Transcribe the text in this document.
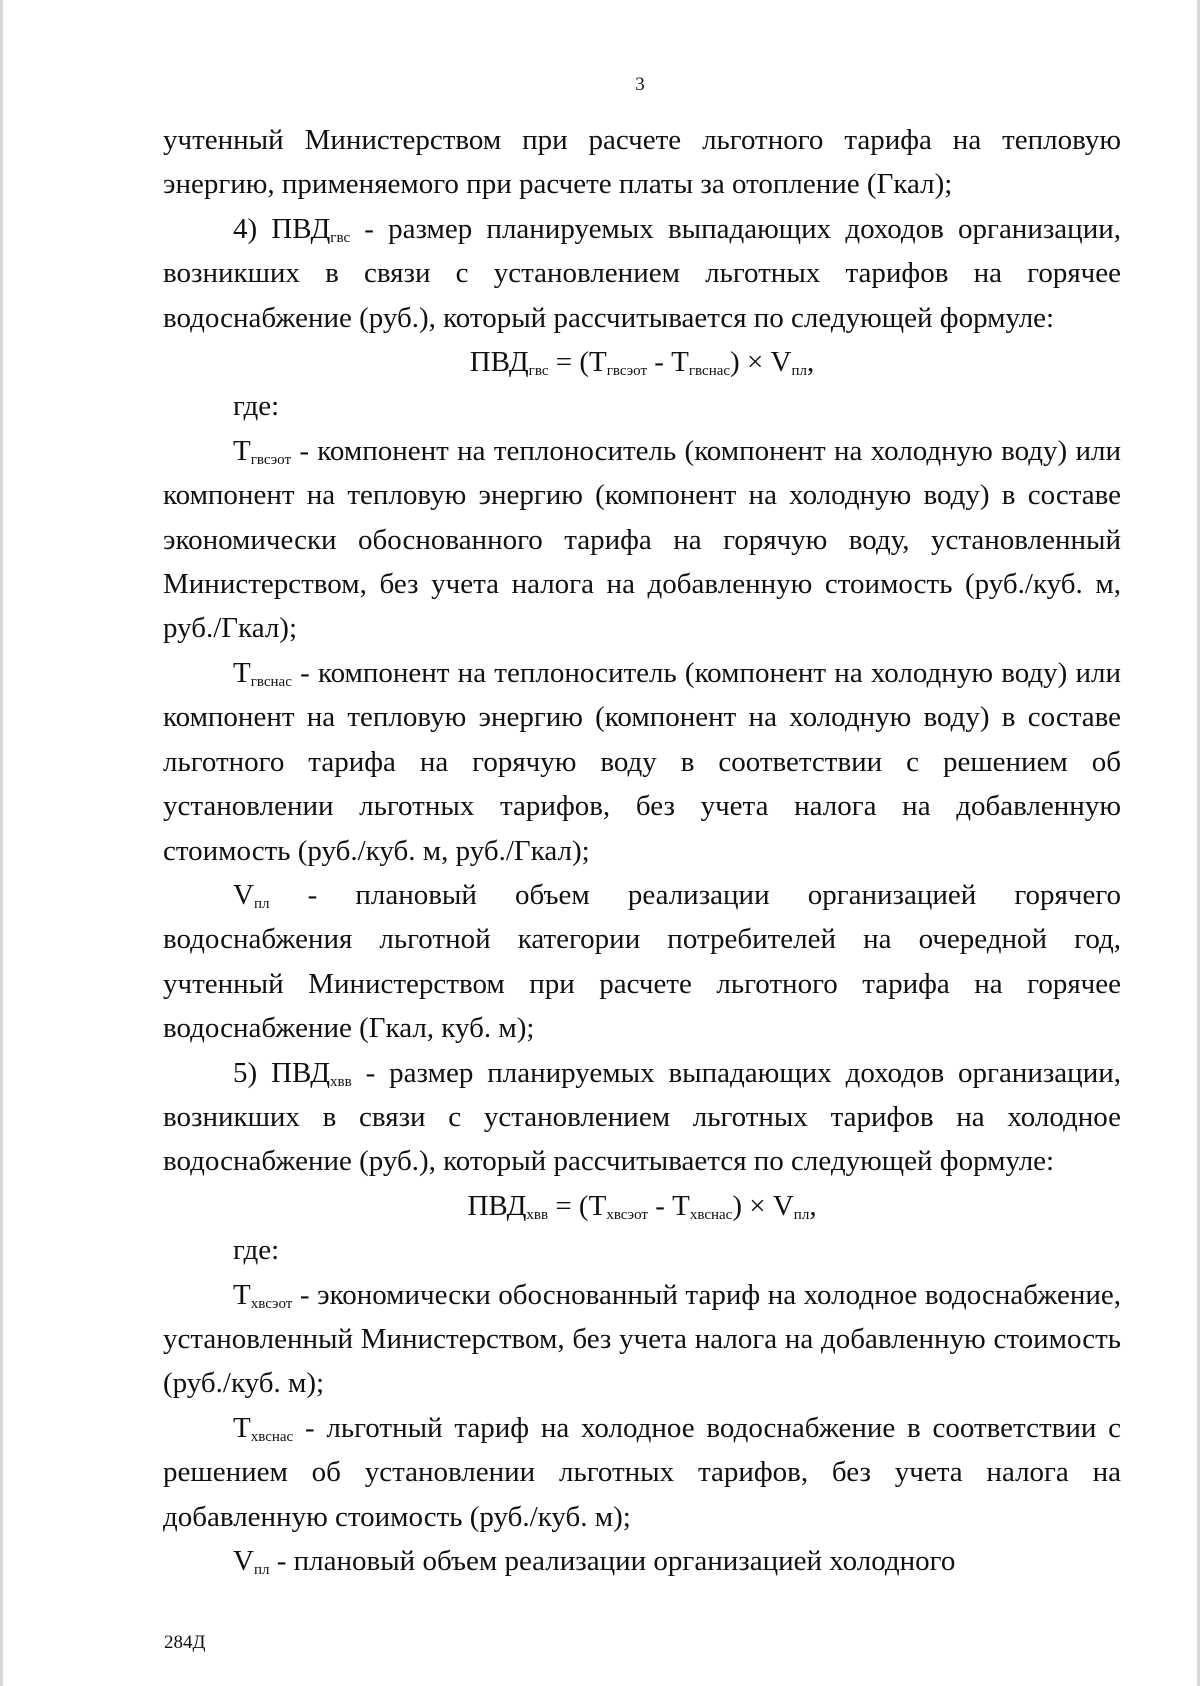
3

учтенный Министерством при расчете льготного тарифа на тепловую энергию, применяемого при расчете платы за отопление (Гкал);

4) $ПВД_{гвс}$ - размер планируемых выпадающих доходов организации, возникших в связи с установлением льготных тарифов на горячее водоснабжение (руб.), который рассчитывается по следующей формуле:

$ПВД_{гвс} = (Т_{гвсэот} - Т_{гвснас}) \times V_{пл}$,

где:

$Т_{гвсэот}$ - компонент на теплоноситель (компонент на холодную воду) или компонент на тепловую энергию (компонент на холодную воду) в составе экономически обоснованного тарифа на горячую воду, установленный Министерством, без учета налога на добавленную стоимость (руб./куб. м, руб./Гкал);

$Т_{гвснас}$ - компонент на теплоноситель (компонент на холодную воду) или компонент на тепловую энергию (компонент на холодную воду) в составе льготного тарифа на горячую воду в соответствии с решением об установлении льготных тарифов, без учета налога на добавленную стоимость (руб./куб. м, руб./Гкал);

$V_{пл}$ - плановый объем реализации организацией горячего водоснабжения льготной категории потребителей на очередной год, учтенный Министерством при расчете льготного тарифа на горячее водоснабжение (Гкал, куб. м);

5) $ПВД_{хвв}$ - размер планируемых выпадающих доходов организации, возникших в связи с установлением льготных тарифов на холодное водоснабжение (руб.), который рассчитывается по следующей формуле:

$ПВД_{хвв} = (Т_{хвсэот} - Т_{хвснас}) \times V_{пл}$,

где:

$Т_{хвсэот}$ - экономически обоснованный тариф на холодное водоснабжение, установленный Министерством, без учета налога на добавленную стоимость (руб./куб. м);

$Т_{хвснас}$ - льготный тариф на холодное водоснабжение в соответствии с решением об установлении льготных тарифов, без учета налога на добавленную стоимость (руб./куб. м);

$V_{пл}$ - плановый объем реализации организацией холодного

284Д
